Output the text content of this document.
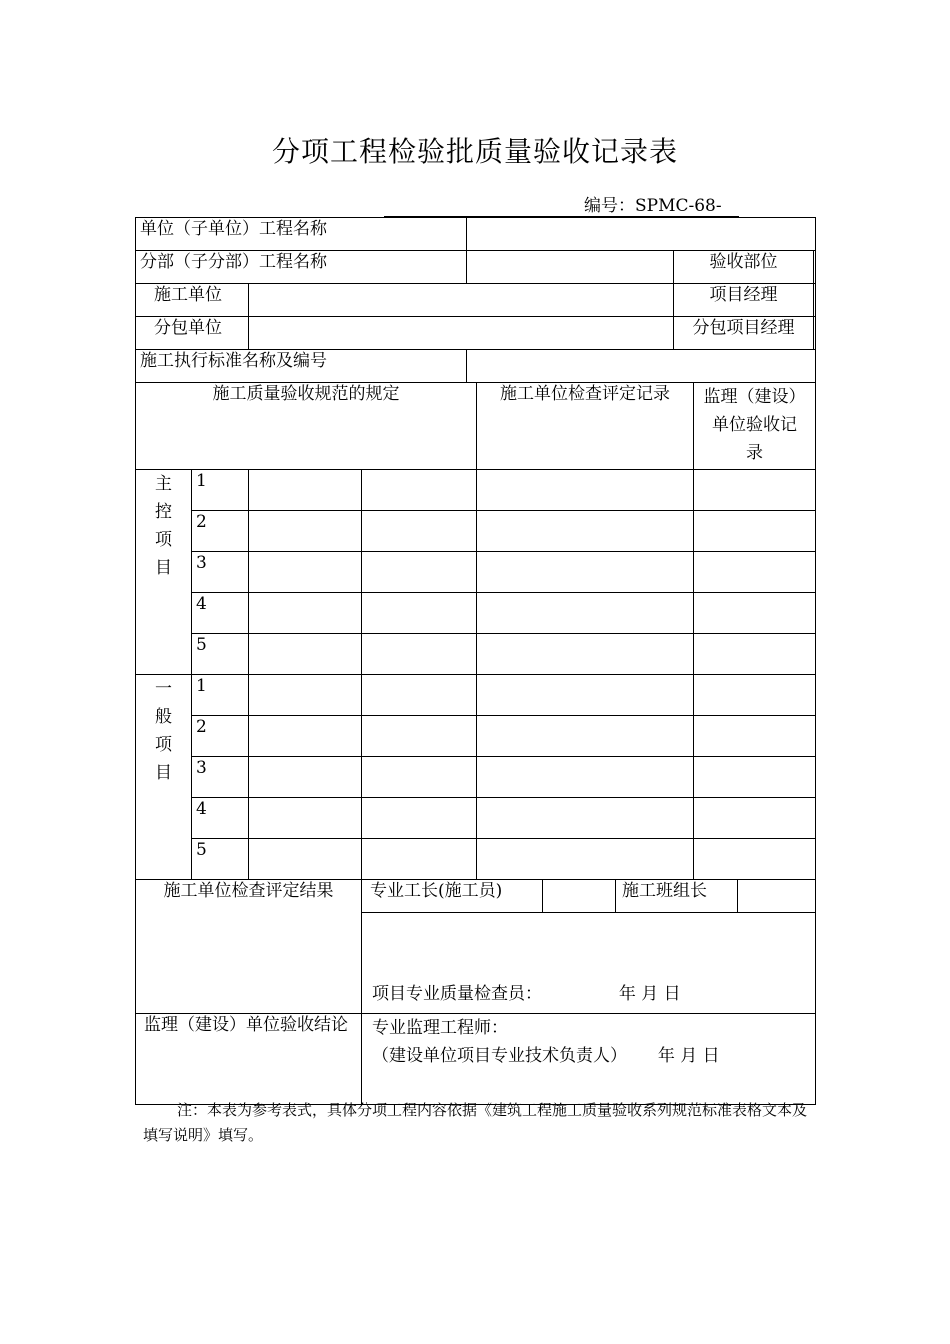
分项工程检验批质量验收记录表
编号：SPMC-68-
单位（子单位）工程名称							
分部（子分部）工程名称						验收部位	

施工单位						项目经理	

分包单位						分包项目经理	

施工执行标准名称及编号							
施工质量验收规范的规定					施工单位检查评定记录		监理（建设）
单位验收记
录

主
控
项
目	1						
	2						
	3						
	4						
	5						

一
般
项
目	1						
	2						
	3						
	4						
	5						
施工单位检查评定结果			专业工长(施工员) 施工班组长				

			项目专业质量检查员： 年 月 日				
监理（建设）单位验收结论			专业监理工程师：
（建设单位项目专业技术负责人） 年 月 日				
注：本表为参考表式，具体分项工程内容依据《建筑工程施工质量验收系列规范标准表格文本及填写说明》填写。
